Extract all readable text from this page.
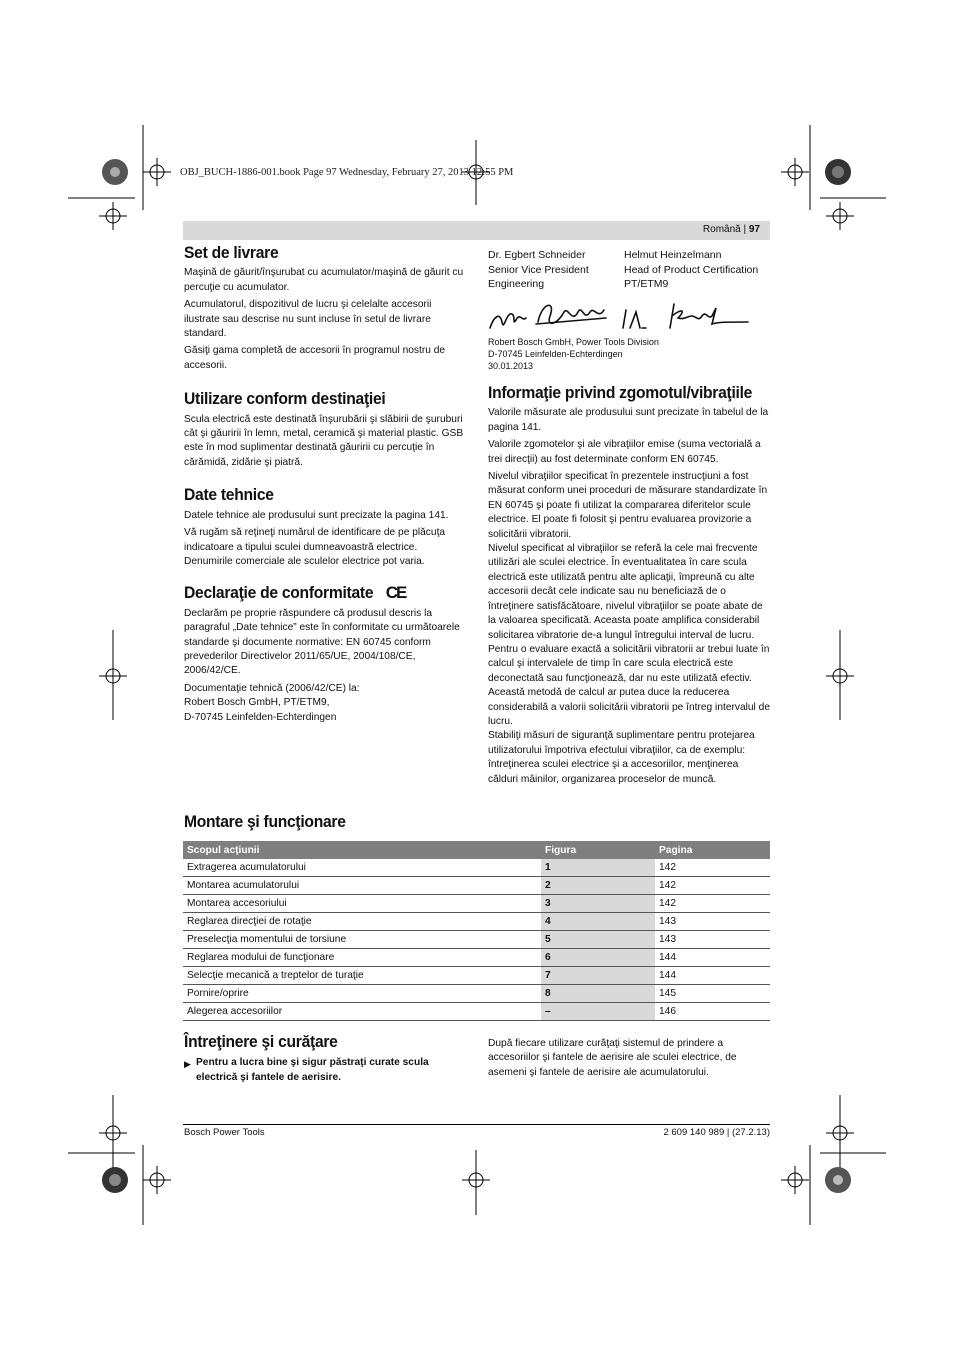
OBJ_BUCH-1886-001.book Page 97 Wednesday, February 27, 2013 12:55 PM
Română | 97
Set de livrare

Maşină de găurit/înşurubat cu acumulator/maşină de găurit cu percuţie cu acumulator.

Acumulatorul, dispozitivul de lucru şi celelalte accesorii ilustrate sau descrise nu sunt incluse în setul de livrare standard.

Găsiţi gama completă de accesorii în programul nostru de accesorii.

Utilizare conform destinaţiei

Scula electrică este destinată înşurubării şi slăbirii de şuruburi cât şi găuririi în lemn, metal, ceramică şi material plastic. GSB este în mod suplimentar destinată găuririi cu percuţie în cărămidă, zidărie şi piatră.

Date tehnice

Datele tehnice ale produsului sunt precizate la pagina 141.

Vă rugăm să reţineţi numărul de identificare de pe plăcuţa indicatoare a tipului sculei dumneavoastră electrice. Denumirile comerciale ale sculelor electrice pot varia.

Declaraţie de conformitate CE

Declarăm pe proprie răspundere că produsul descris la paragraful „Date tehnice” este în conformitate cu următoarele standarde şi documente normative: EN 60745 conform prevederilor Directivelor 2011/65/UE, 2004/108/CE, 2006/42/CE.

Documentaţie tehnică (2006/42/CE) la:
Robert Bosch GmbH, PT/ETM9,
D-70745 Leinfelden-Echterdingen
Dr. Egbert Schneider
Senior Vice President
Engineering
Helmut Heinzelmann
Head of Product Certification
PT/ETM9
Robert Bosch GmbH, Power Tools Division
D-70745 Leinfelden-Echterdingen
30.01.2013
Informaţie privind zgomotul/vibraţiile

Valorile măsurate ale produsului sunt precizate în tabelul de la pagina 141.

Valorile zgomotelor şi ale vibraţiilor emise (suma vectorială a trei direcţii) au fost determinate conform EN 60745.

Nivelul vibraţiilor specificat în prezentele instrucţiuni a fost măsurat conform unei proceduri de măsurare standardizate în EN 60745 şi poate fi utilizat la compararea diferitelor scule electrice. El poate fi folosit şi pentru evaluarea provizorie a solicitării vibratorii.

Nivelul specificat al vibraţiilor se referă la cele mai frecvente utilizări ale sculei electrice. În eventualitatea în care scula electrică este utilizată pentru alte aplicaţii, împreună cu alte accesorii decât cele indicate sau nu beneficiază de o întreţinere satisfăcătoare, nivelul vibraţiilor se poate abate de la valoarea specificată. Aceasta poate amplifica considerabil solicitarea vibratorie de-a lungul întregului interval de lucru.

Pentru o evaluare exactă a solicitării vibratorii ar trebui luate în calcul şi intervalele de timp în care scula electrică este deconectată sau funcţionează, dar nu este utilizată efectiv. Aceastǎ metodǎ de calcul ar putea duce la reducerea considerabilǎ a valorii solicitǎrii vibratorii pe întreg intervalul de lucru.

Stabiliţi măsuri de siguranţă suplimentare pentru protejarea utilizatorului împotriva efectului vibraţiilor, ca de exemplu: întreţinerea sculei electrice şi a accesoriilor, menţinerea călduri mâinilor, organizarea proceselor de muncă.

Montare şi funcţionare
Scopul acţiunii	Figura	Pagina
Extragerea acumulatorului	1	142
Montarea acumulatorului	2	142
Montarea accesoriului	3	142
Reglarea direcţiei de rotaţie	4	143
Preselecţia momentului de torsiune	5	143
Reglarea modului de funcţionare	6	144
Selecţie mecanică a treptelor de turaţie	7	144
Pornire/oprire	8	145
Alegerea accesoriilor	–	146
Întreţinere şi curăţare
▶ Pentru a lucra bine şi sigur păstraţi curate scula electrică şi fantele de aerisire.

După fiecare utilizare curăţaţi sistemul de prindere a accesoriilor şi fantele de aerisire ale sculei electrice, de asemeni şi fantele de aerisire ale acumulatorului.

Bosch Power Tools	2 609 140 989 | (27.2.13)
